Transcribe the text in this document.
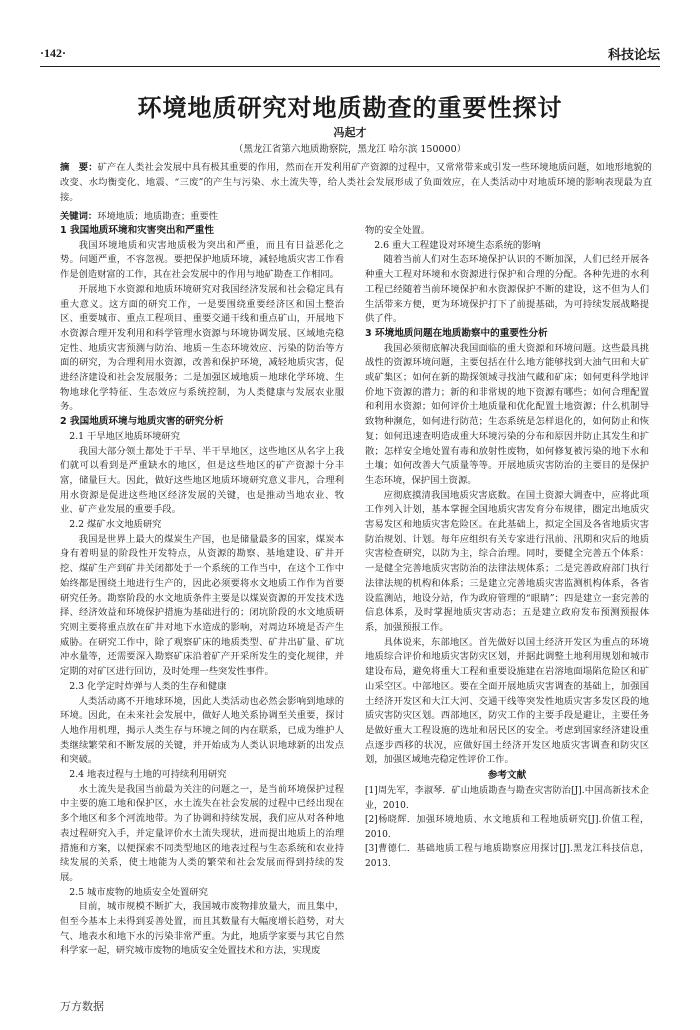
·142·	科技论坛
环境地质研究对地质勘查的重要性探讨
冯起才
（黑龙江省第六地质勘察院，黑龙江 哈尔滨 150000）
摘　要：矿产在人类社会发展中具有极其重要的作用，然而在开发利用矿产资源的过程中，又常常带来或引发一些环境地质问题，如地形地貌的改变、水均衡变化、地震、“三废”的产生与污染、水土流失等，给人类社会发展形成了负面效应，在人类活动中对地质环境的影响表现最为直接。
关键词：环境地质；地质勘查；重要性
1 我国地质环境和灾害突出和严重性

我国环境地质和灾害地质极为突出和严重，而且有日益恶化之势。问题严重，不容忽视。要把保护地质环境，减轻地质灾害工作看作是创造财富的工作，其在社会发展中的作用与地矿勘查工作相同。

开展地下水资源和地质环境研究对我国经济发展和社会稳定具有重大意义。这方面的研究工作，一是要围绕重要经济区和国土整治区、重要城市、重点工程项目、重要交通干线和重点矿山，开展地下水资源合理开发利用和科学管理水资源与环境协调发展、区域地壳稳定性、地质灾害预测与防治、地质－生态环境效应、污染的防治等方面的研究，为合理利用水资源，改善和保护环境，减轻地质灾害，促进经济建设和社会发展服务；二是加强区域地质－地球化学环境、生物地球化学特征、生态效应与系统控制，为人类健康与发展农业服务。

2 我国地质环境与地质灾害的研究分析
2.1 干旱地区地质环境研究

我国大部分领土都处于干旱、半干旱地区，这些地区从名字上我们就可以看到是严重缺水的地区，但是这些地区的矿产资源十分丰富，储量巨大。因此，做好这些地区地质环境研究意义非凡，合理利用水资源是促进这些地区经济发展的关键，也是推动当地农业、牧业、矿产业发展的重要手段。

2.2 煤矿水文地质研究

我国是世界上最大的煤炭生产国，也是储量最多的国家，煤炭本身有着明显的阶段性开发特点，从资源的勘察、基地建设、矿井开挖、煤矿生产到矿井关闭都处于一个系统的工作当中，在这个工作中始终都是围绕土地进行生产的，因此必须要将水文地质工作作为首要研究任务。勘察阶段的水文地质条件主要是以煤炭资源的开发技术选择、经济效益和环境保护措施为基础进行的；闭坑阶段的水文地质研究则主要将重点放在矿井对地下水造成的影响，对周边环境是否产生威胁。在研究工作中，除了观察矿床的地质类型、矿井出矿量、矿坑冲水量等，还需要深入勘察矿床沿着矿产开采所发生的变化规律，并定期的对矿区进行回访，及时处理一些突发性事件。

2.3 化学定时炸弹与人类的生存和健康

人类活动离不开地球环境，因此人类活动也必然会影响到地球的环境。因此，在未来社会发展中，做好人地关系协调至关重要，探讨人地作用机理，揭示人类生存与环境之间的内在联系，已成为维护人类继续繁荣和不断发展的关键，并开始成为人类认识地球新的出发点和突破。

2.4 地表过程与土地的可持续利用研究

水土流失是我国当前最为关注的问题之一，是当前环境保护过程中主要的施工地和保护区，水土流失在社会发展的过程中已经出现在多个地区和多个河流地带。为了协调和持续发展，我们应从对各种地表过程研究入手，并定量评价水土流失现状，进而提出地质上的治理措施和方案，以便探索不同类型地区的地表过程与生态系统和农业持续发展的关系，使土地能为人类的繁荣和社会发展而得到持续的发展。

2.5 城市废物的地质安全处置研究

目前，城市规模不断扩大，我国城市废物排放量大，而且集中，但至今基本上未得到妥善处置，而且其数量有大幅度增长趋势，对大气、地表水和地下水的污染非常严重。为此，地质学家要与其它自然科学家一起，研究城市废物的地质安全处置技术和方法，实现废

物的安全处置。

2.6 重大工程建设对环境生态系统的影响

随着当前人们对生态环境保护认识的不断加深，人们已经开展各种重大工程对环境和水资源进行保护和合理的分配。各种先进的水利工程已经随着当前环境保护和水资源保护不断的建设，这不但为人们生活带来方便，更为环境保护打下了前提基础，为可持续发展战略提供了件。

3 环境地质问题在地质勘察中的重要性分析

我国必须彻底解决我国面临的重大资源和环境问题。这些最具挑战性的资源环境问题，主要包括在什么地方能够找到大油气田和大矿或矿集区；如何在新的勘探领域寻找油气藏和矿床；如何更科学地评价地下资源的潜力；新的和非常规的地下资源有哪些；如何合理配置和利用水资源；如何评价土地质量和优化配置土地资源；什么机制导致物种濒危，如何进行防范；生态系统是怎样退化的，如何防止和恢复；如何迅速查明造成重大环境污染的分布和原因并防止其发生和扩散；怎样安全地处置有毒和放射性废物，如何修复被污染的地下水和土壤；如何改善大气质量等等。开展地质灾害防治的主要目的是保护生态环境，保护国土资源。

应彻底摸清我国地质灾害底数。在国土资源大调查中，应将此项工作列入计划，基本掌握全国地质灾害发育分布规律，圈定出地质灾害易发区和地质灾害危险区。在此基础上，拟定全国及各省地质灾害防治规划、计划。每年应组织有关专家进行汛前、汛期和灾后的地质灾害检查研究，以防为主，综合治理。同时，要健全完善五个体系：一是健全完善地质灾害防治的法律法规体系；二是完善政府部门执行法律法规的机构和体系；三是建立完善地质灾害监测机构体系，各省设监测站，地设分站，作为政府管理的“眼睛”；四是建立一套完善的信息体系，及时掌握地质灾害动态；五是建立政府发布预测预报体系，加强预报工作。

具体说来，东部地区。首先做好以国土经济开发区为重点的环境地质综合评价和地质灾害防灾区划，并据此调整土地利用规划和城市建设布局，避免将重大工程和重要设施建在岩溶地面塌陷危险区和矿山采空区。中部地区。要在全面开展地质灾害调查的基础上，加强国土经济开发区和大江大河、交通干线等突发性地质灾害多发区段的地质灾害防灾区划。西部地区，防灾工作的主要手段是避让，主要任务是做好重大工程设施的选址和居民区的安全。考虑到国家经济建设重点逐步西移的状况，应做好国土经济开发区地质灾害调查和防灾区划，加强区域地壳稳定性评价工作。

参考文献
[1]周先军，李淑琴．矿山地质勘查与勘查灾害防治[J].中国高新技术企业，2010.
[2]杨晓辉．加强环境地质、水文地质和工程地质研究[J].价值工程，2010.
[3]曹德仁．基础地质工程与地质勘察应用探讨[J].黑龙江科技信息，2013.
万方数据
